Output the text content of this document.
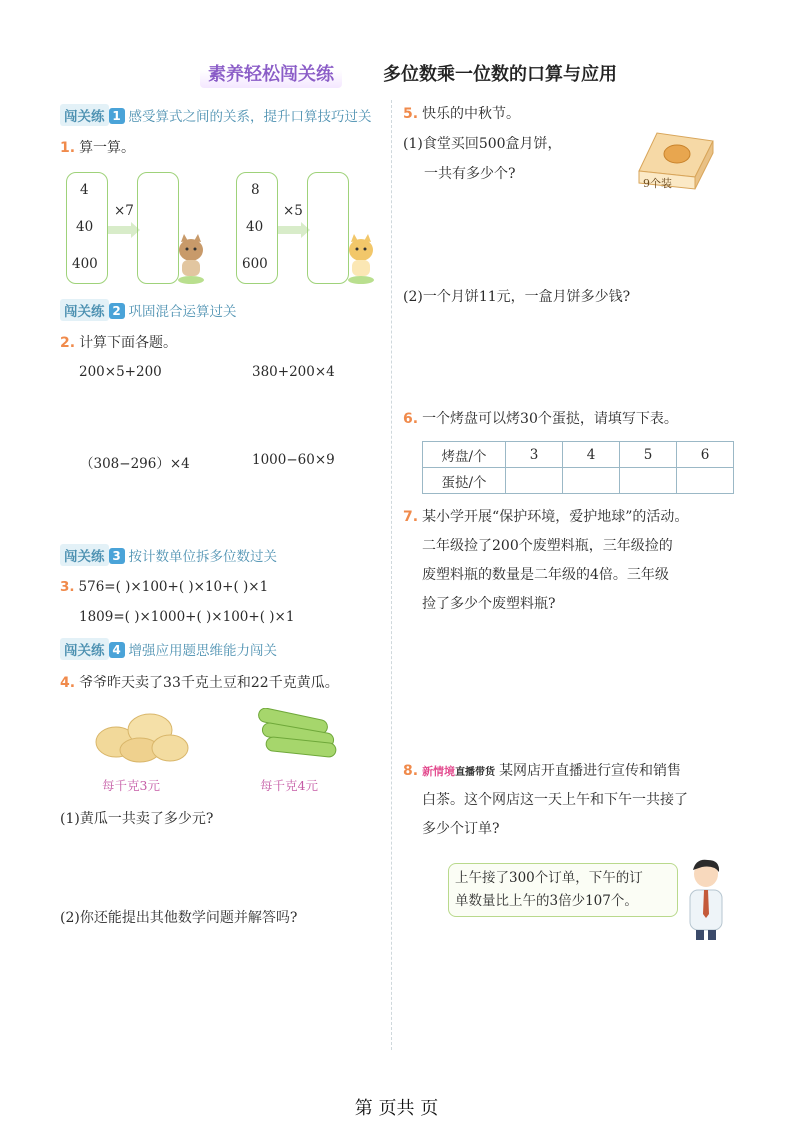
素养轻松闯关练	多位数乘一位数的口算与应用
闯关练 1 感受算式之间的关系，提升口算技巧过关
1. 算一算。
4
40
400
×7
8
40
600
×5
闯关练 2 巩固混合运算过关
2. 计算下面各题。
200×5+200	380+200×4
（308−296）×4	1000−60×9
闯关练 3 按计数单位拆多位数过关
3. 576=( )×100+( )×10+( )×1
1809=( )×1000+( )×100+( )×1
闯关练 4 增强应用题思维能力闯关
4. 爷爷昨天卖了33千克土豆和22千克黄瓜。
每千克3元	每千克4元
(1)黄瓜一共卖了多少元?
(2)你还能提出其他数学问题并解答吗?
5. 快乐的中秋节。
(1)食堂买回500盒月饼，
一共有多少个?
9个装
(2)一个月饼11元，一盒月饼多少钱?
6. 一个烤盘可以烤30个蛋挞，请填写下表。
烤盘/个	3	4	5	6
蛋挞/个				
7. 某小学开展“保护环境，爱护地球”的活动。
二年级捡了200个废塑料瓶，三年级捡的
废塑料瓶的数量是二年级的4倍。三年级
捡了多少个废塑料瓶?
8. 新情境直播带货 某网店开直播进行宣传和销售
白茶。这个网店这一天上午和下午一共接了
多少个订单?
上午接了300个订单，下午的订
单数量比上午的3倍少107个。
第 页共 页
